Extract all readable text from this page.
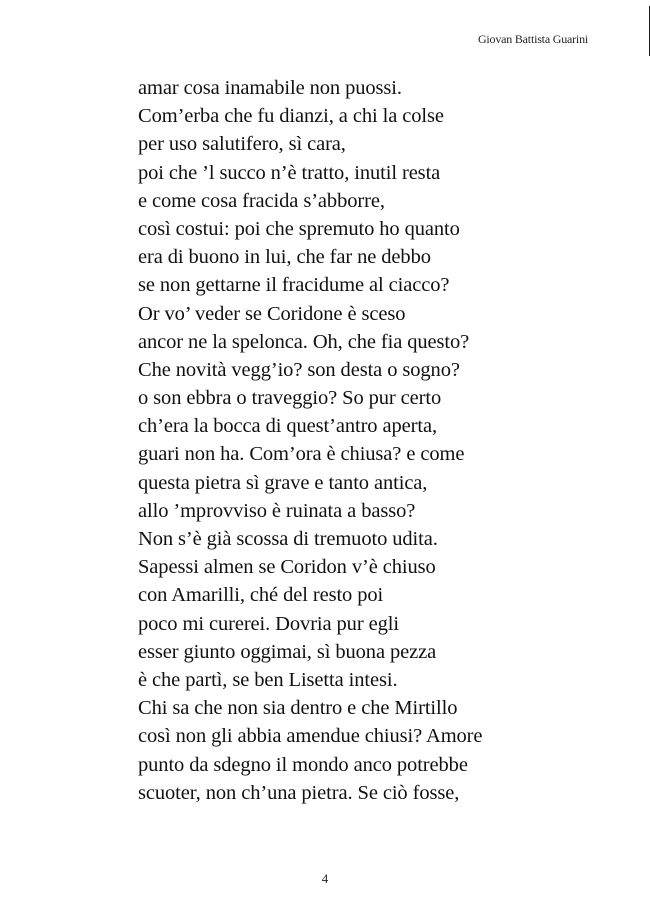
Giovan Battista Guarini
amar cosa inamabile non puossi.
Com’erba che fu dianzi, a chi la colse
per uso salutifero, sì cara,
poi che ’l succo n’è tratto, inutil resta
e come cosa fracida s’abborre,
così costui: poi che spremuto ho quanto
era di buono in lui, che far ne debbo
se non gettarne il fracidume al ciacco?
Or vo’ veder se Coridone è sceso
ancor ne la spelonca. Oh, che fia questo?
Che novità vegg’io? son desta o sogno?
o son ebbra o traveggio? So pur certo
ch’era la bocca di quest’antro aperta,
guari non ha. Com’ora è chiusa? e come
questa pietra sì grave e tanto antica,
allo ’mprovviso è ruinata a basso?
Non s’è già scossa di tremuoto udita.
Sapessi almen se Coridon v’è chiuso
con Amarilli, ché del resto poi
poco mi curerei. Dovria pur egli
esser giunto oggimai, sì buona pezza
è che partì, se ben Lisetta intesi.
Chi sa che non sia dentro e che Mirtillo
così non gli abbia amendue chiusi? Amore
punto da sdegno il mondo anco potrebbe
scuoter, non ch’una pietra. Se ciò fosse,
4
